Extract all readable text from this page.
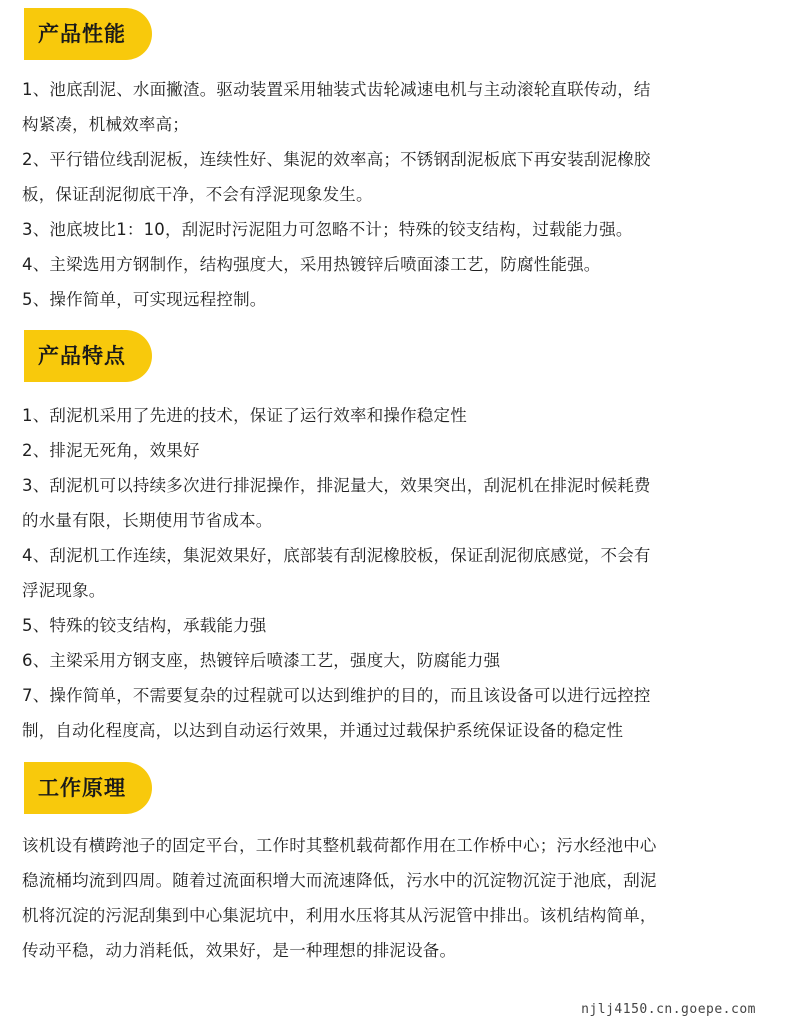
产品性能
1、池底刮泥、水面撇渣。驱动装置采用轴装式齿轮减速电机与主动滚轮直联传动，结
构紧凑，机械效率高；
2、平行错位线刮泥板，连续性好、集泥的效率高；不锈钢刮泥板底下再安装刮泥橡胶
板，保证刮泥彻底干净，不会有浮泥现象发生。
3、池底坡比1：10，刮泥时污泥阻力可忽略不计；特殊的铰支结构，过载能力强。
4、主梁选用方钢制作，结构强度大，采用热镀锌后喷面漆工艺，防腐性能强。
5、操作简单，可实现远程控制。
产品特点
1、刮泥机采用了先进的技术，保证了运行效率和操作稳定性
2、排泥无死角，效果好
3、刮泥机可以持续多次进行排泥操作，排泥量大，效果突出，刮泥机在排泥时候耗费
的水量有限，长期使用节省成本。
4、刮泥机工作连续，集泥效果好，底部装有刮泥橡胶板，保证刮泥彻底感觉，不会有
浮泥现象。
5、特殊的铰支结构，承载能力强
6、主梁采用方钢支座，热镀锌后喷漆工艺，强度大，防腐能力强
7、操作简单，不需要复杂的过程就可以达到维护的目的，而且该设备可以进行远控控
制，自动化程度高，以达到自动运行效果，并通过过载保护系统保证设备的稳定性
工作原理
该机设有横跨池子的固定平台，工作时其整机载荷都作用在工作桥中心；污水经池中心
稳流桶均流到四周。随着过流面积增大而流速降低，污水中的沉淀物沉淀于池底，刮泥
机将沉淀的污泥刮集到中心集泥坑中，利用水压将其从污泥管中排出。该机结构简单，
传动平稳，动力消耗低，效果好，是一种理想的排泥设备。
njlj4150.cn.goepe.com
